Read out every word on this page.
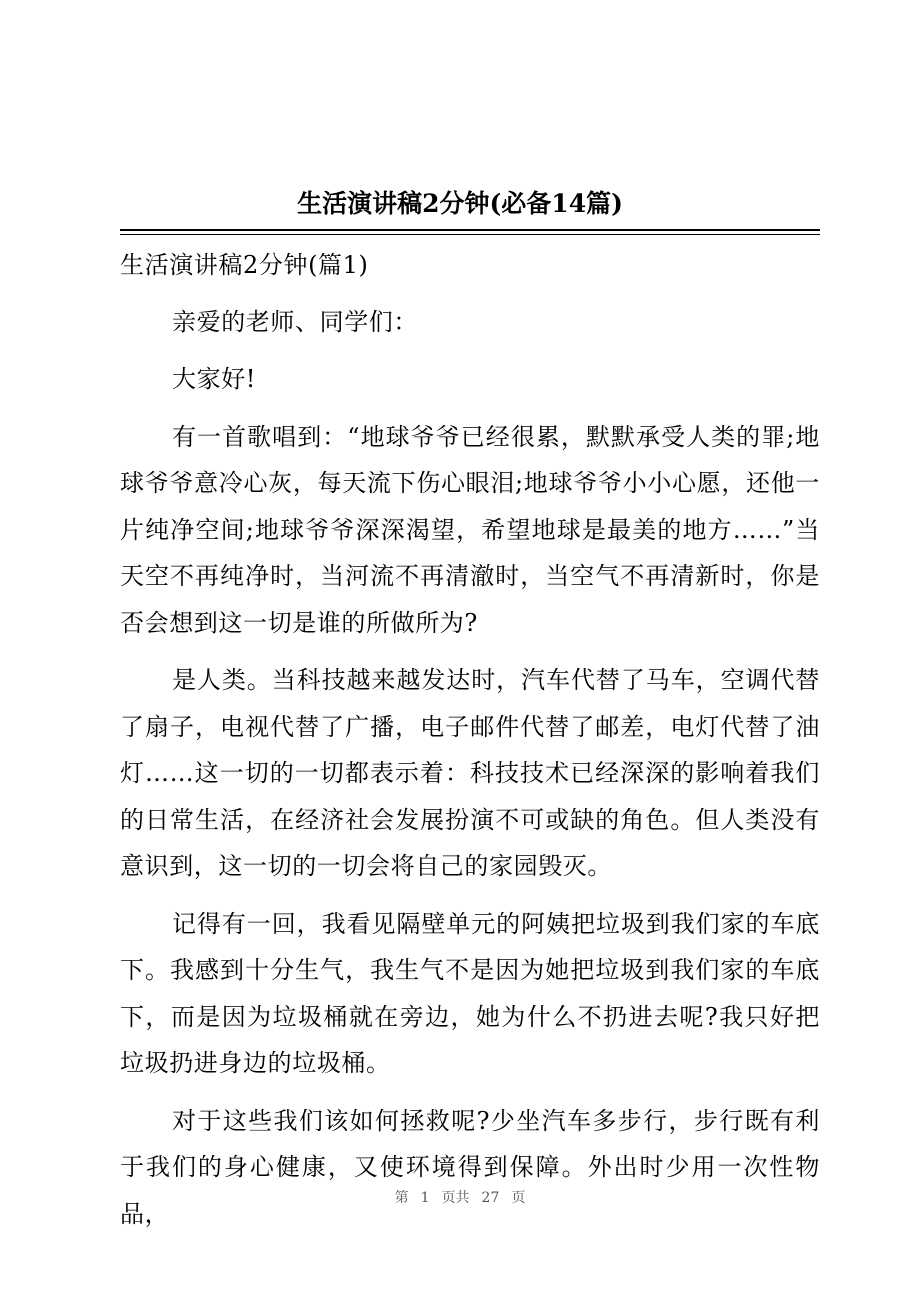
生活演讲稿2分钟(必备14篇)

生活演讲稿2分钟(篇1)

亲爱的老师、同学们：

大家好!

有一首歌唱到：“地球爷爷已经很累，默默承受人类的罪;地球爷爷意冷心灰，每天流下伤心眼泪;地球爷爷小小心愿，还他一片纯净空间;地球爷爷深深渴望，希望地球是最美的地方……”当天空不再纯净时，当河流不再清澈时，当空气不再清新时，你是否会想到这一切是谁的所做所为?

是人类。当科技越来越发达时，汽车代替了马车，空调代替了扇子，电视代替了广播，电子邮件代替了邮差，电灯代替了油灯……这一切的一切都表示着：科技技术已经深深的影响着我们的日常生活，在经济社会发展扮演不可或缺的角色。但人类没有意识到，这一切的一切会将自己的家园毁灭。

记得有一回，我看见隔壁单元的阿姨把垃圾到我们家的车底下。我感到十分生气，我生气不是因为她把垃圾到我们家的车底下，而是因为垃圾桶就在旁边，她为什么不扔进去呢?我只好把垃圾扔进身边的垃圾桶。

对于这些我们该如何拯救呢?少坐汽车多步行，步行既有利于我们的身心健康，又使环境得到保障。外出时少用一次性物品，

第 1 页共 27 页
